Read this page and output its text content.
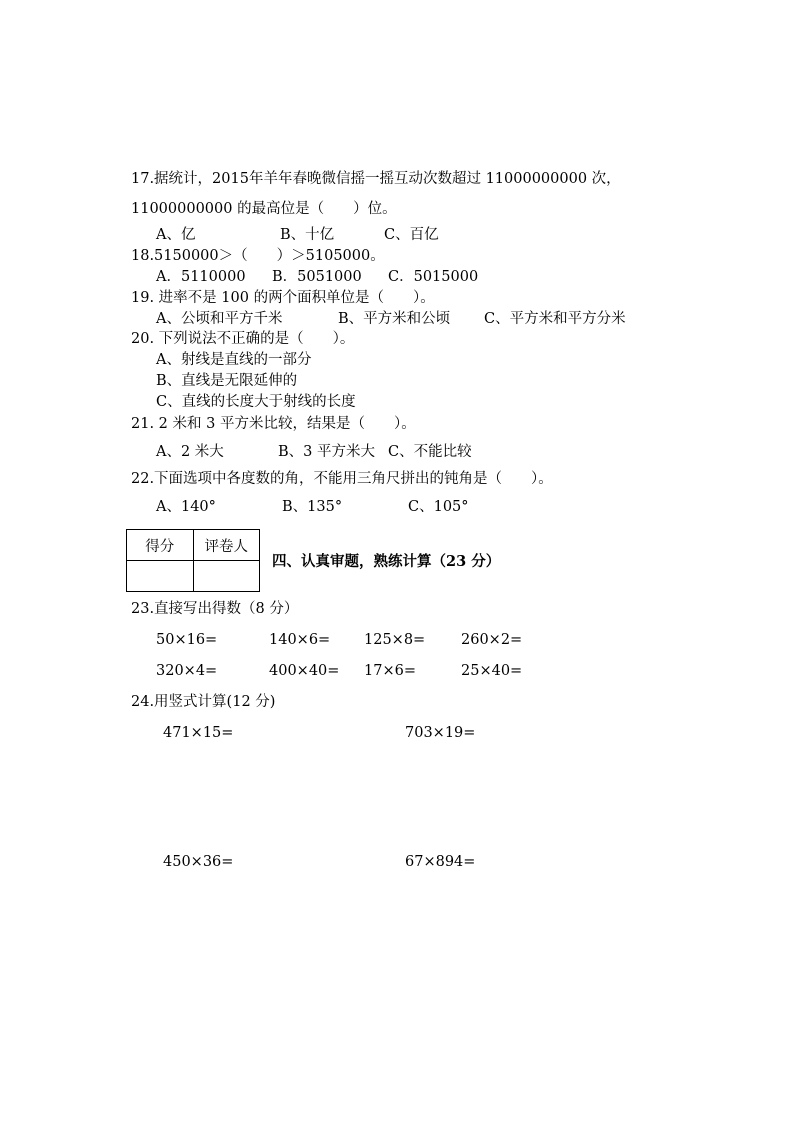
17.据统计，2015年羊年春晚微信摇一摇互动次数超过 11000000000 次，
11000000000 的最高位是（　　）位。
A、亿	B、十亿	C、百亿
18.5150000＞（　　）＞5105000。
A．5110000 B．5051000 C．5015000
19. 进率不是 100 的两个面积单位是（　　）。
A、公顷和平方千米	B、平方米和公顷 C、平方米和平方分米
20. 下列说法不正确的是（　　）。
A、射线是直线的一部分
B、直线是无限延伸的
C、直线的长度大于射线的长度
21. 2 米和 3 平方米比较，结果是（　　）。
A、2 米大	B、3 平方米大 C、不能比较
22.下面选项中各度数的角，不能用三角尺拼出的钝角是（　　）。
A、140°	B、135°	C、105°
得分	评卷人

四、认真审题，熟练计算（23 分）
23.直接写出得数（8 分）
50×16=	140×6= 125×8= 260×2=
320×4=	400×40= 17×6=	25×40=
24.用竖式计算(12 分)
471×15=	703×19=
450×36=	67×894=
